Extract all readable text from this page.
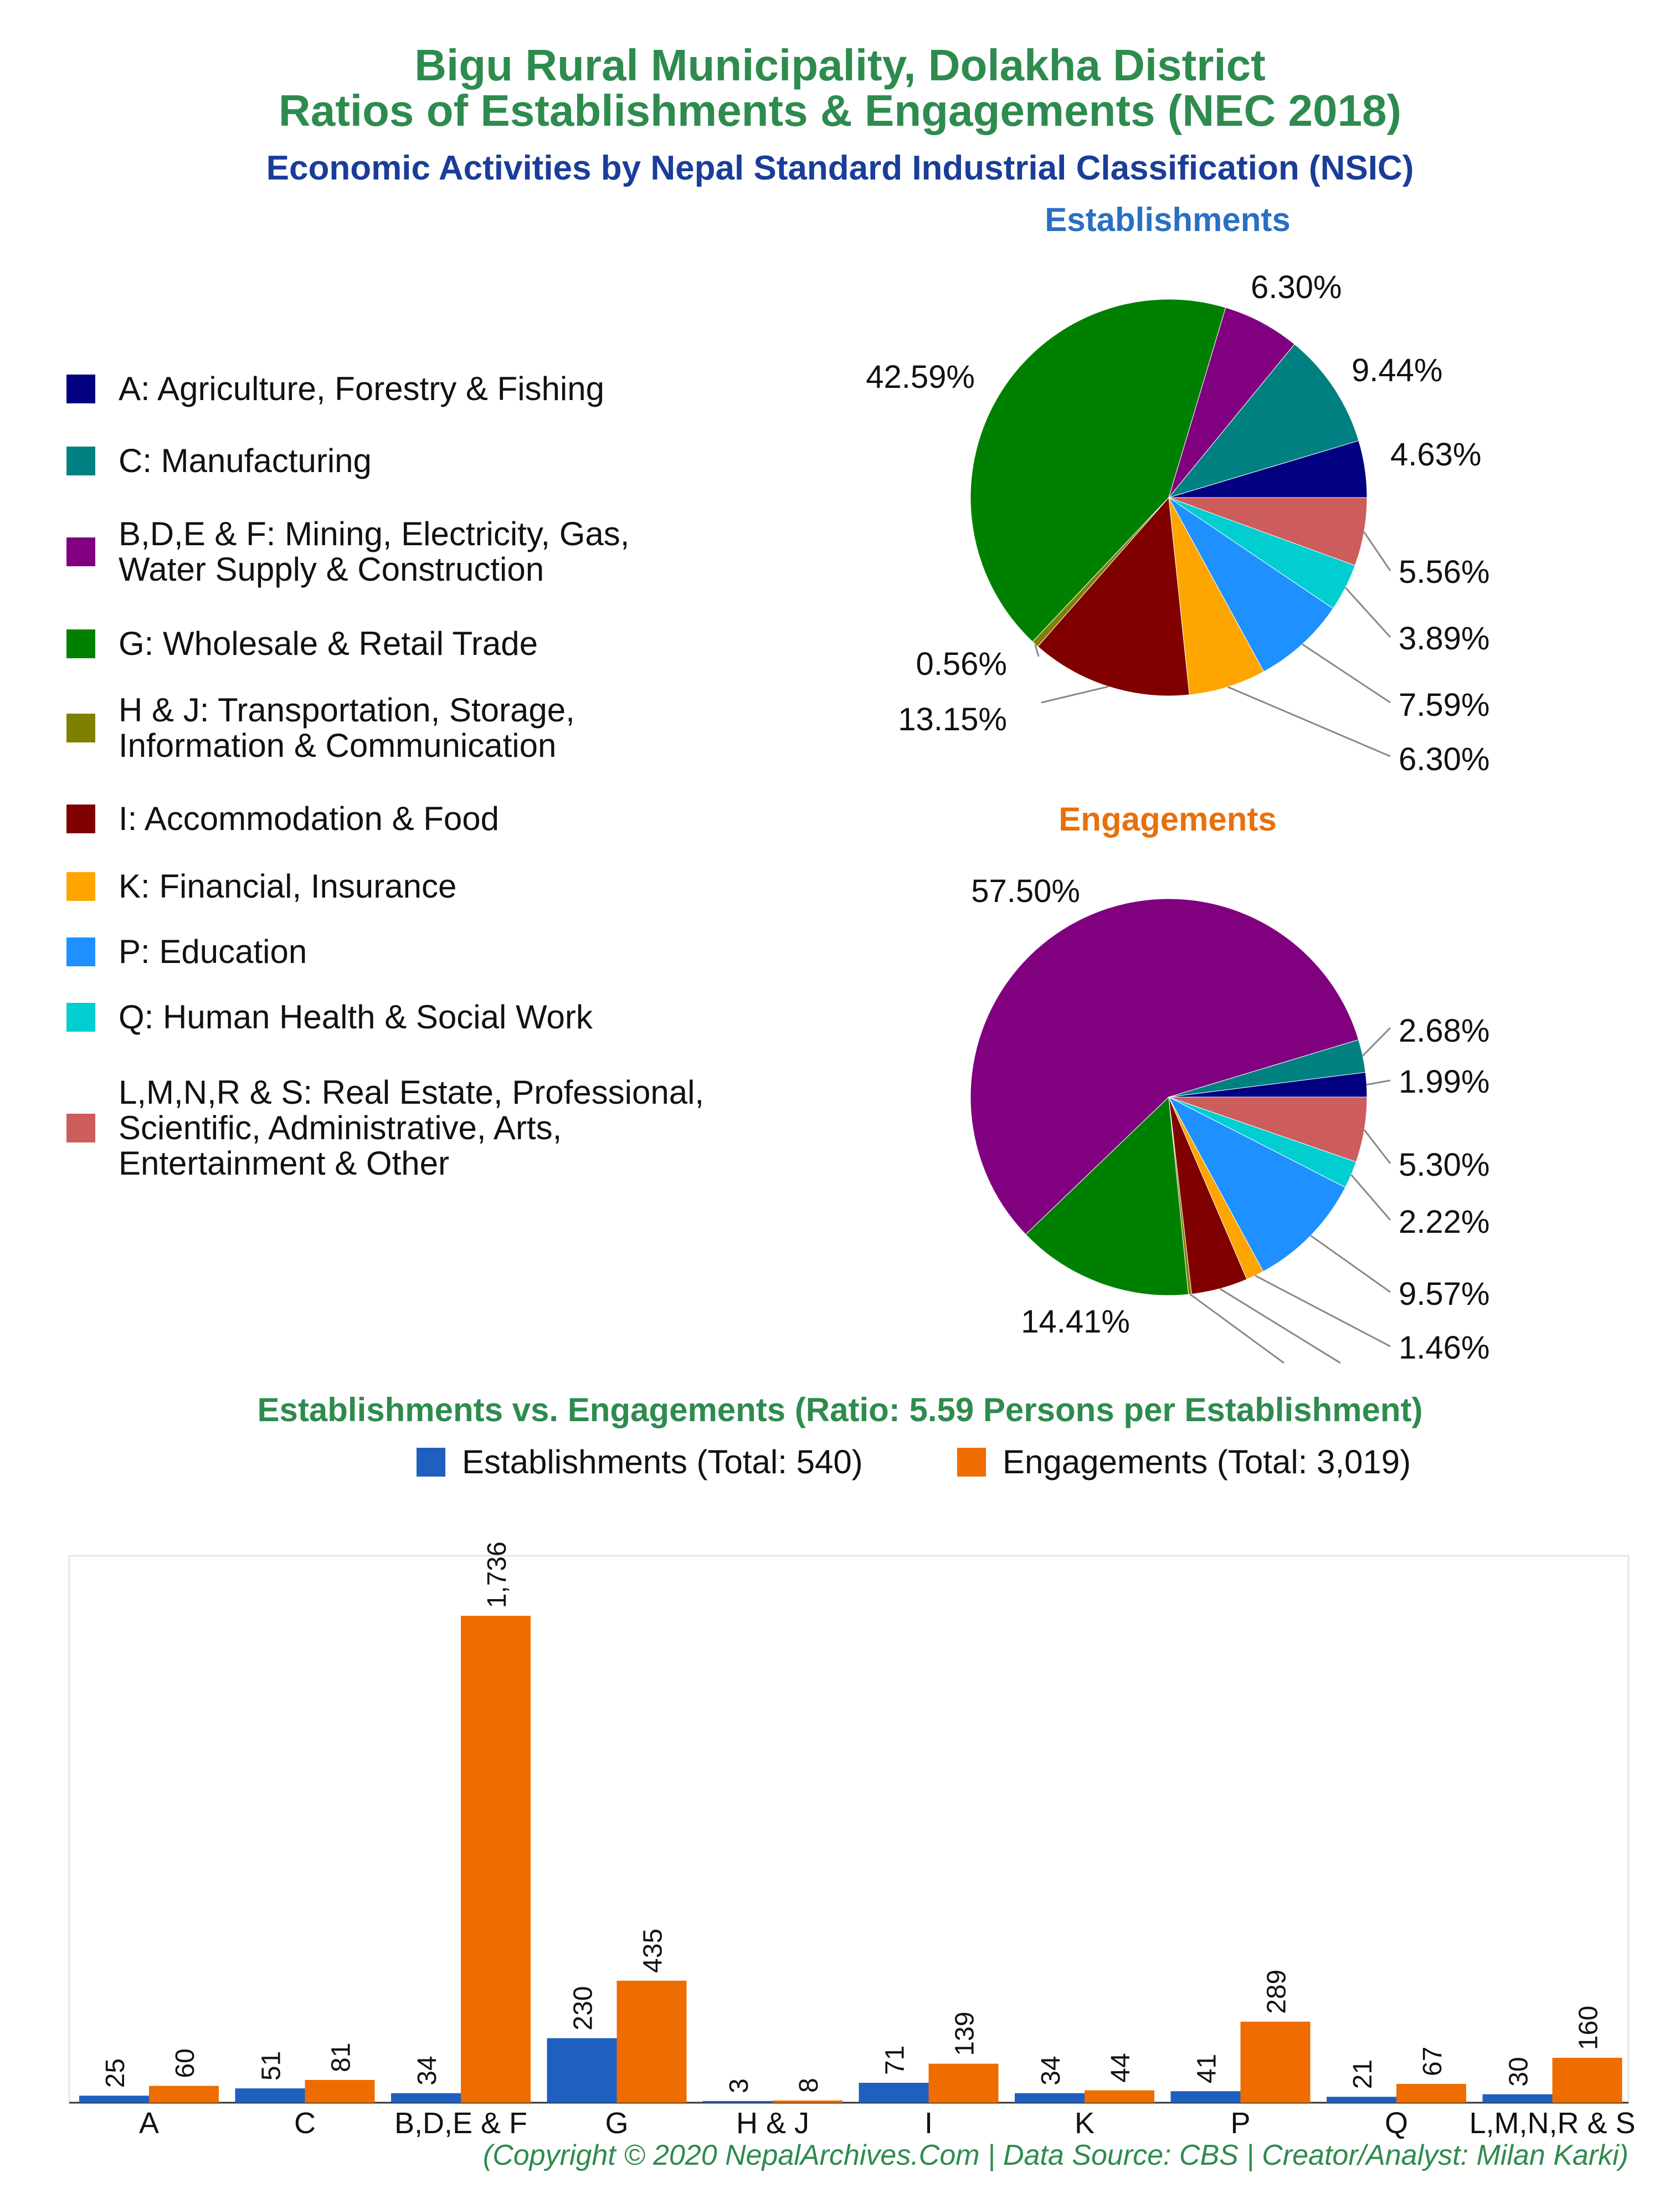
Bigu Rural Municipality, Dolakha District
Ratios of Establishments & Engagements (NEC 2018)
Economic Activities by Nepal Standard Industrial Classification (NSIC)
Establishments
Engagements
A: Agriculture, Forestry & Fishing
C: Manufacturing
B,D,E & F: Mining, Electricity, Gas,
Water Supply & Construction
G: Wholesale & Retail Trade
H & J: Transportation, Storage,
Information & Communication
I: Accommodation & Food
K: Financial, Insurance
P: Education
Q: Human Health & Social Work
L,M,N,R & S: Real Estate, Professional,
Scientific, Administrative, Arts,
Entertainment & Other
4.63%
9.44%
6.30%
42.59%
0.56%
13.15%
6.30%
7.59%
3.89%
5.56%
1.99%
2.68%
57.50%
14.41%
1.46%
9.57%
2.22%
5.30%
25 60
A
51 81
C
34
1,736
B,D,E & F
230
435
G
3 8
H & J
71
139
I
34 44
K
41
289
P
21 67
Q
30
160
L,M,N,R & S
Establishments vs. Engagements (Ratio: 5.59 Persons per Establishment)
Establishments (Total: 540)	Engagements (Total: 3,019)
(Copyright © 2020 NepalArchives.Com | Data Source: CBS | Creator/Analyst: Milan Karki)
